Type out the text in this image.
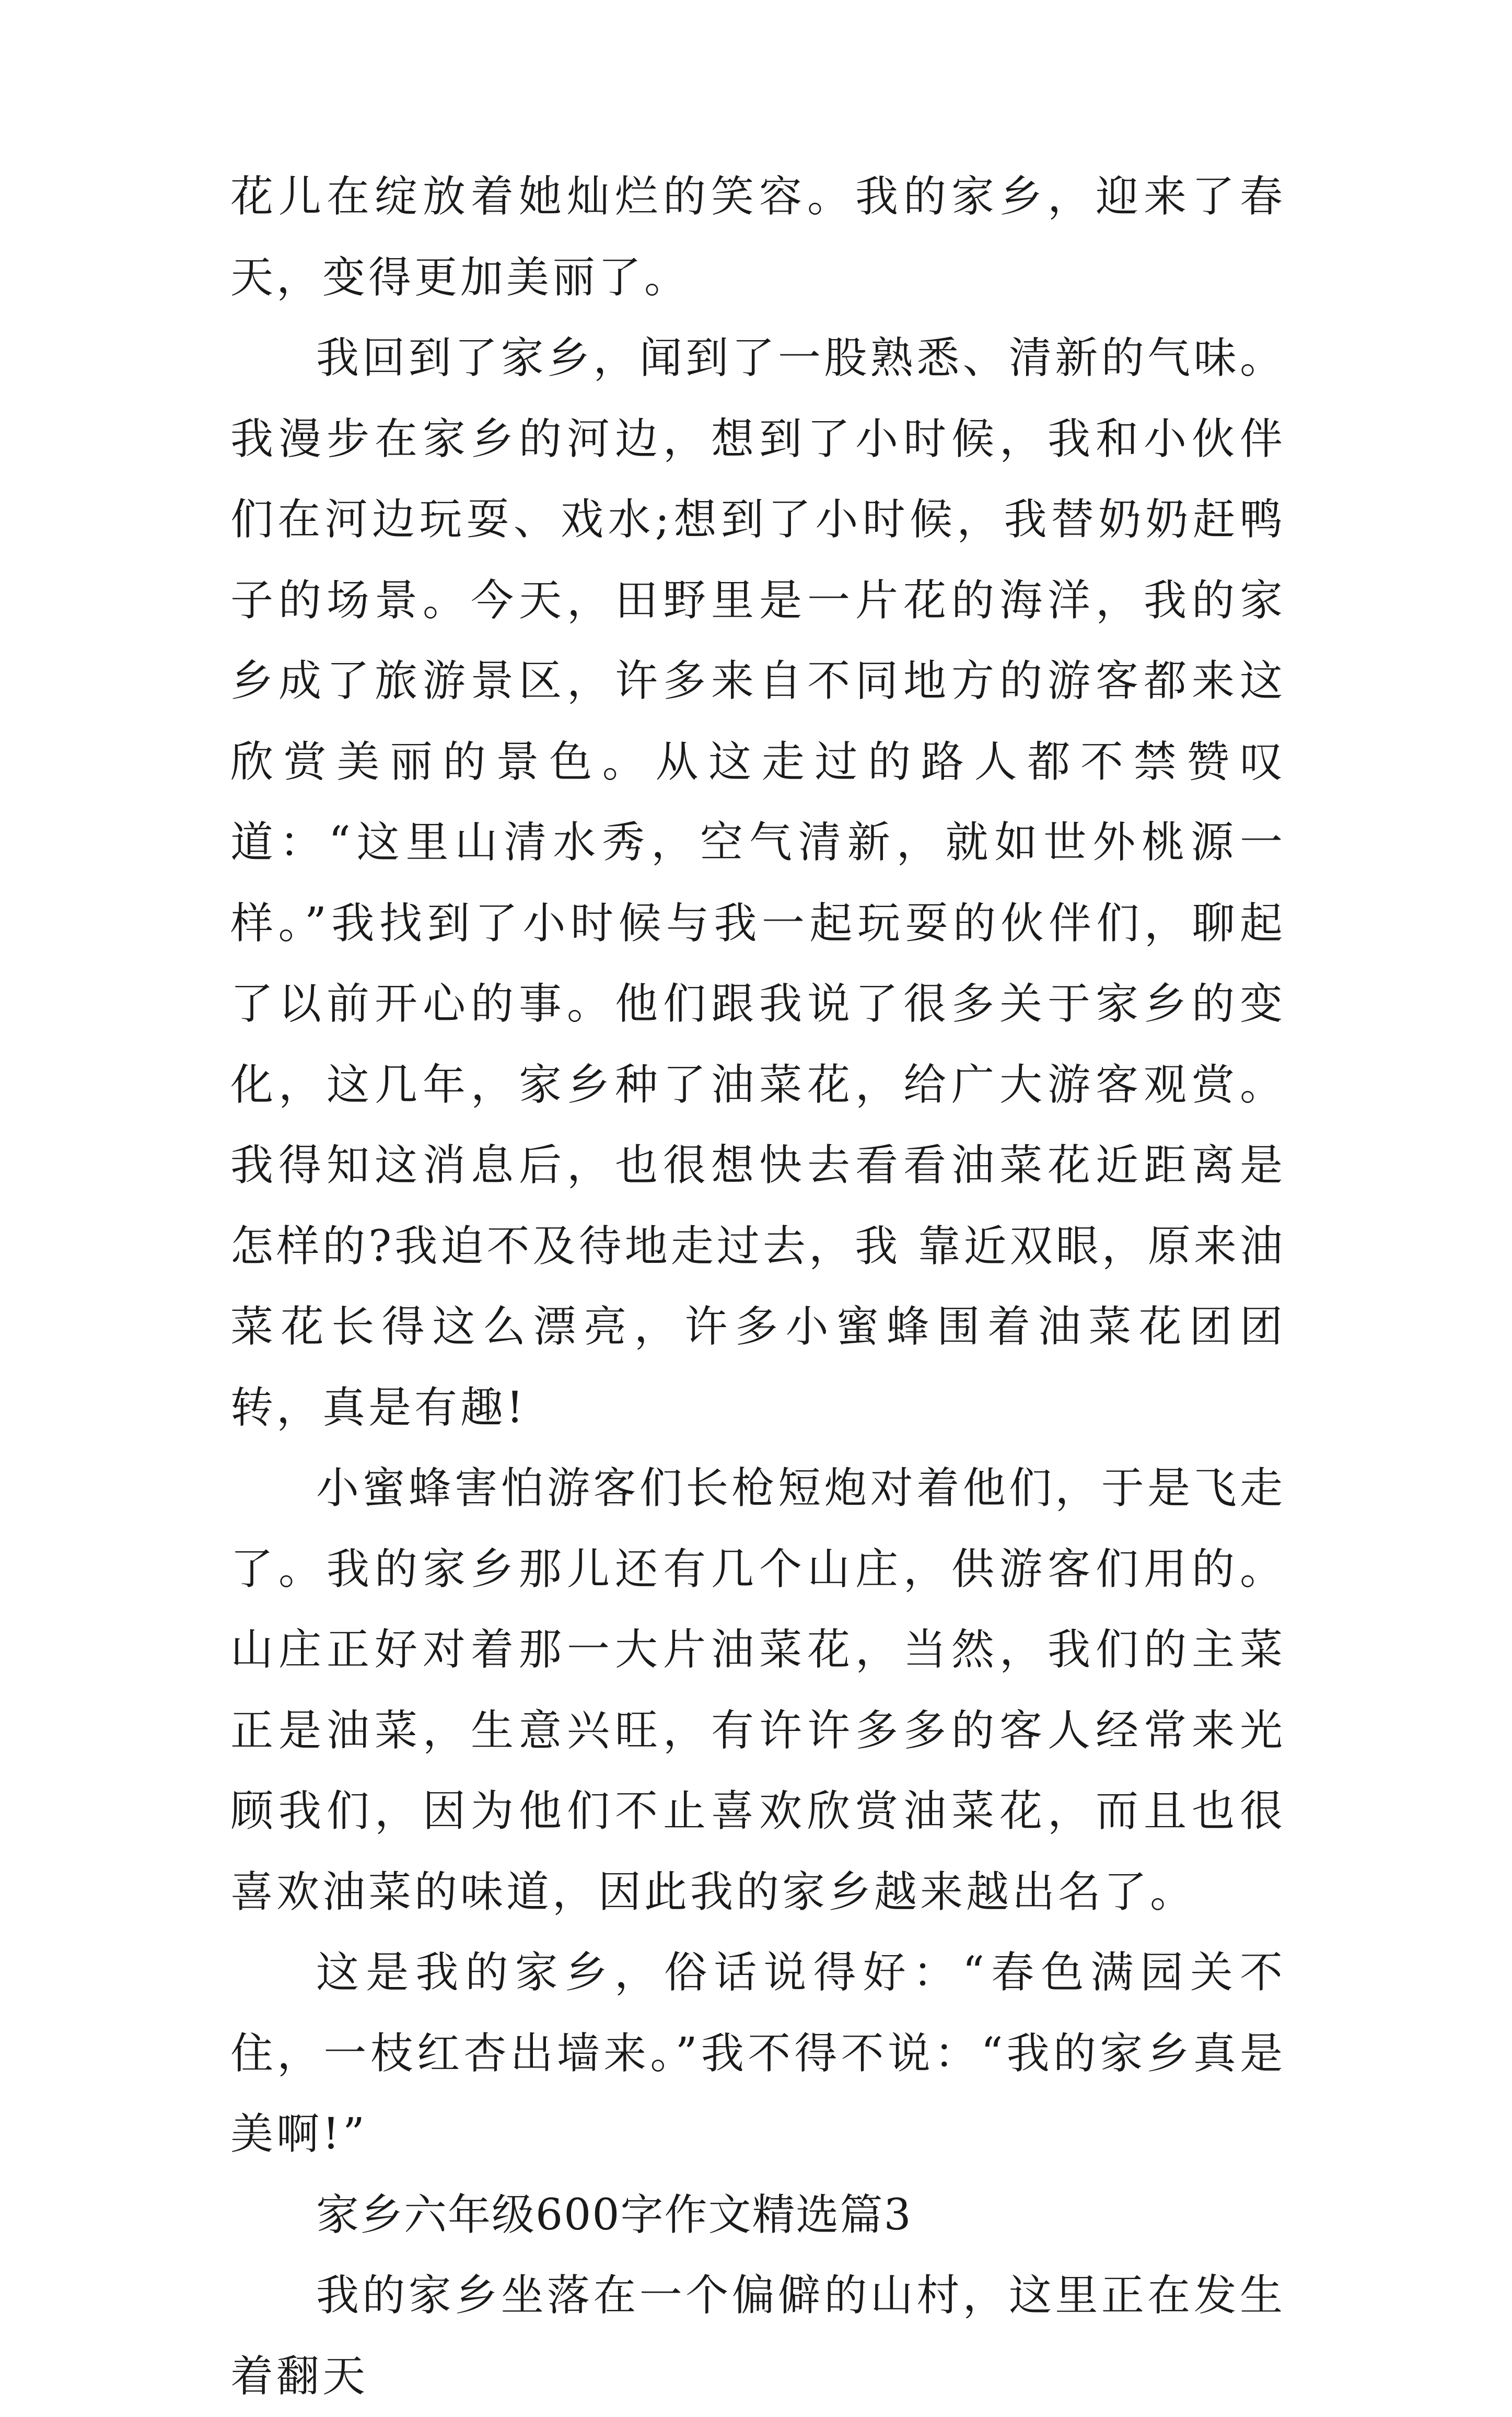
花儿在绽放着她灿烂的笑容。我的家乡，迎来了春天，变得更加美丽了。

我回到了家乡，闻到了一股熟悉、清新的气味。我漫步在家乡的河边，想到了小时候，我和小伙伴们在河边玩耍、戏水;想到了小时候，我替奶奶赶鸭子的场景。今天，田野里是一片花的海洋，我的家乡成了旅游景区，许多来自不同地方的游客都来这欣赏美丽的景色。从这走过的路人都不禁赞叹道：“这里山清水秀，空气清新，就如世外桃源一样。”我找到了小时候与我一起玩耍的伙伴们，聊起了以前开心的事。他们跟我说了很多关于家乡的变化，这几年，家乡种了油菜花，给广大游客观赏。我得知这消息后，也很想快去看看油菜花近距离是怎样的?我迫不及待地走过去，我 靠近双眼，原来油菜花长得这么漂亮，许多小蜜蜂围着油菜花团团转，真是有趣!

小蜜蜂害怕游客们长枪短炮对着他们，于是飞走了。我的家乡那儿还有几个山庄，供游客们用的。山庄正好对着那一大片油菜花，当然，我们的主菜正是油菜，生意兴旺，有许许多多的客人经常来光顾我们，因为他们不止喜欢欣赏油菜花，而且也很喜欢油菜的味道，因此我的家乡越来越出名了。

这是我的家乡，俗话说得好：“春色满园关不住，一枝红杏出墙来。”我不得不说：“我的家乡真是美啊!”

家乡六年级600字作文精选篇3

我的家乡坐落在一个偏僻的山村，这里正在发生着翻天
